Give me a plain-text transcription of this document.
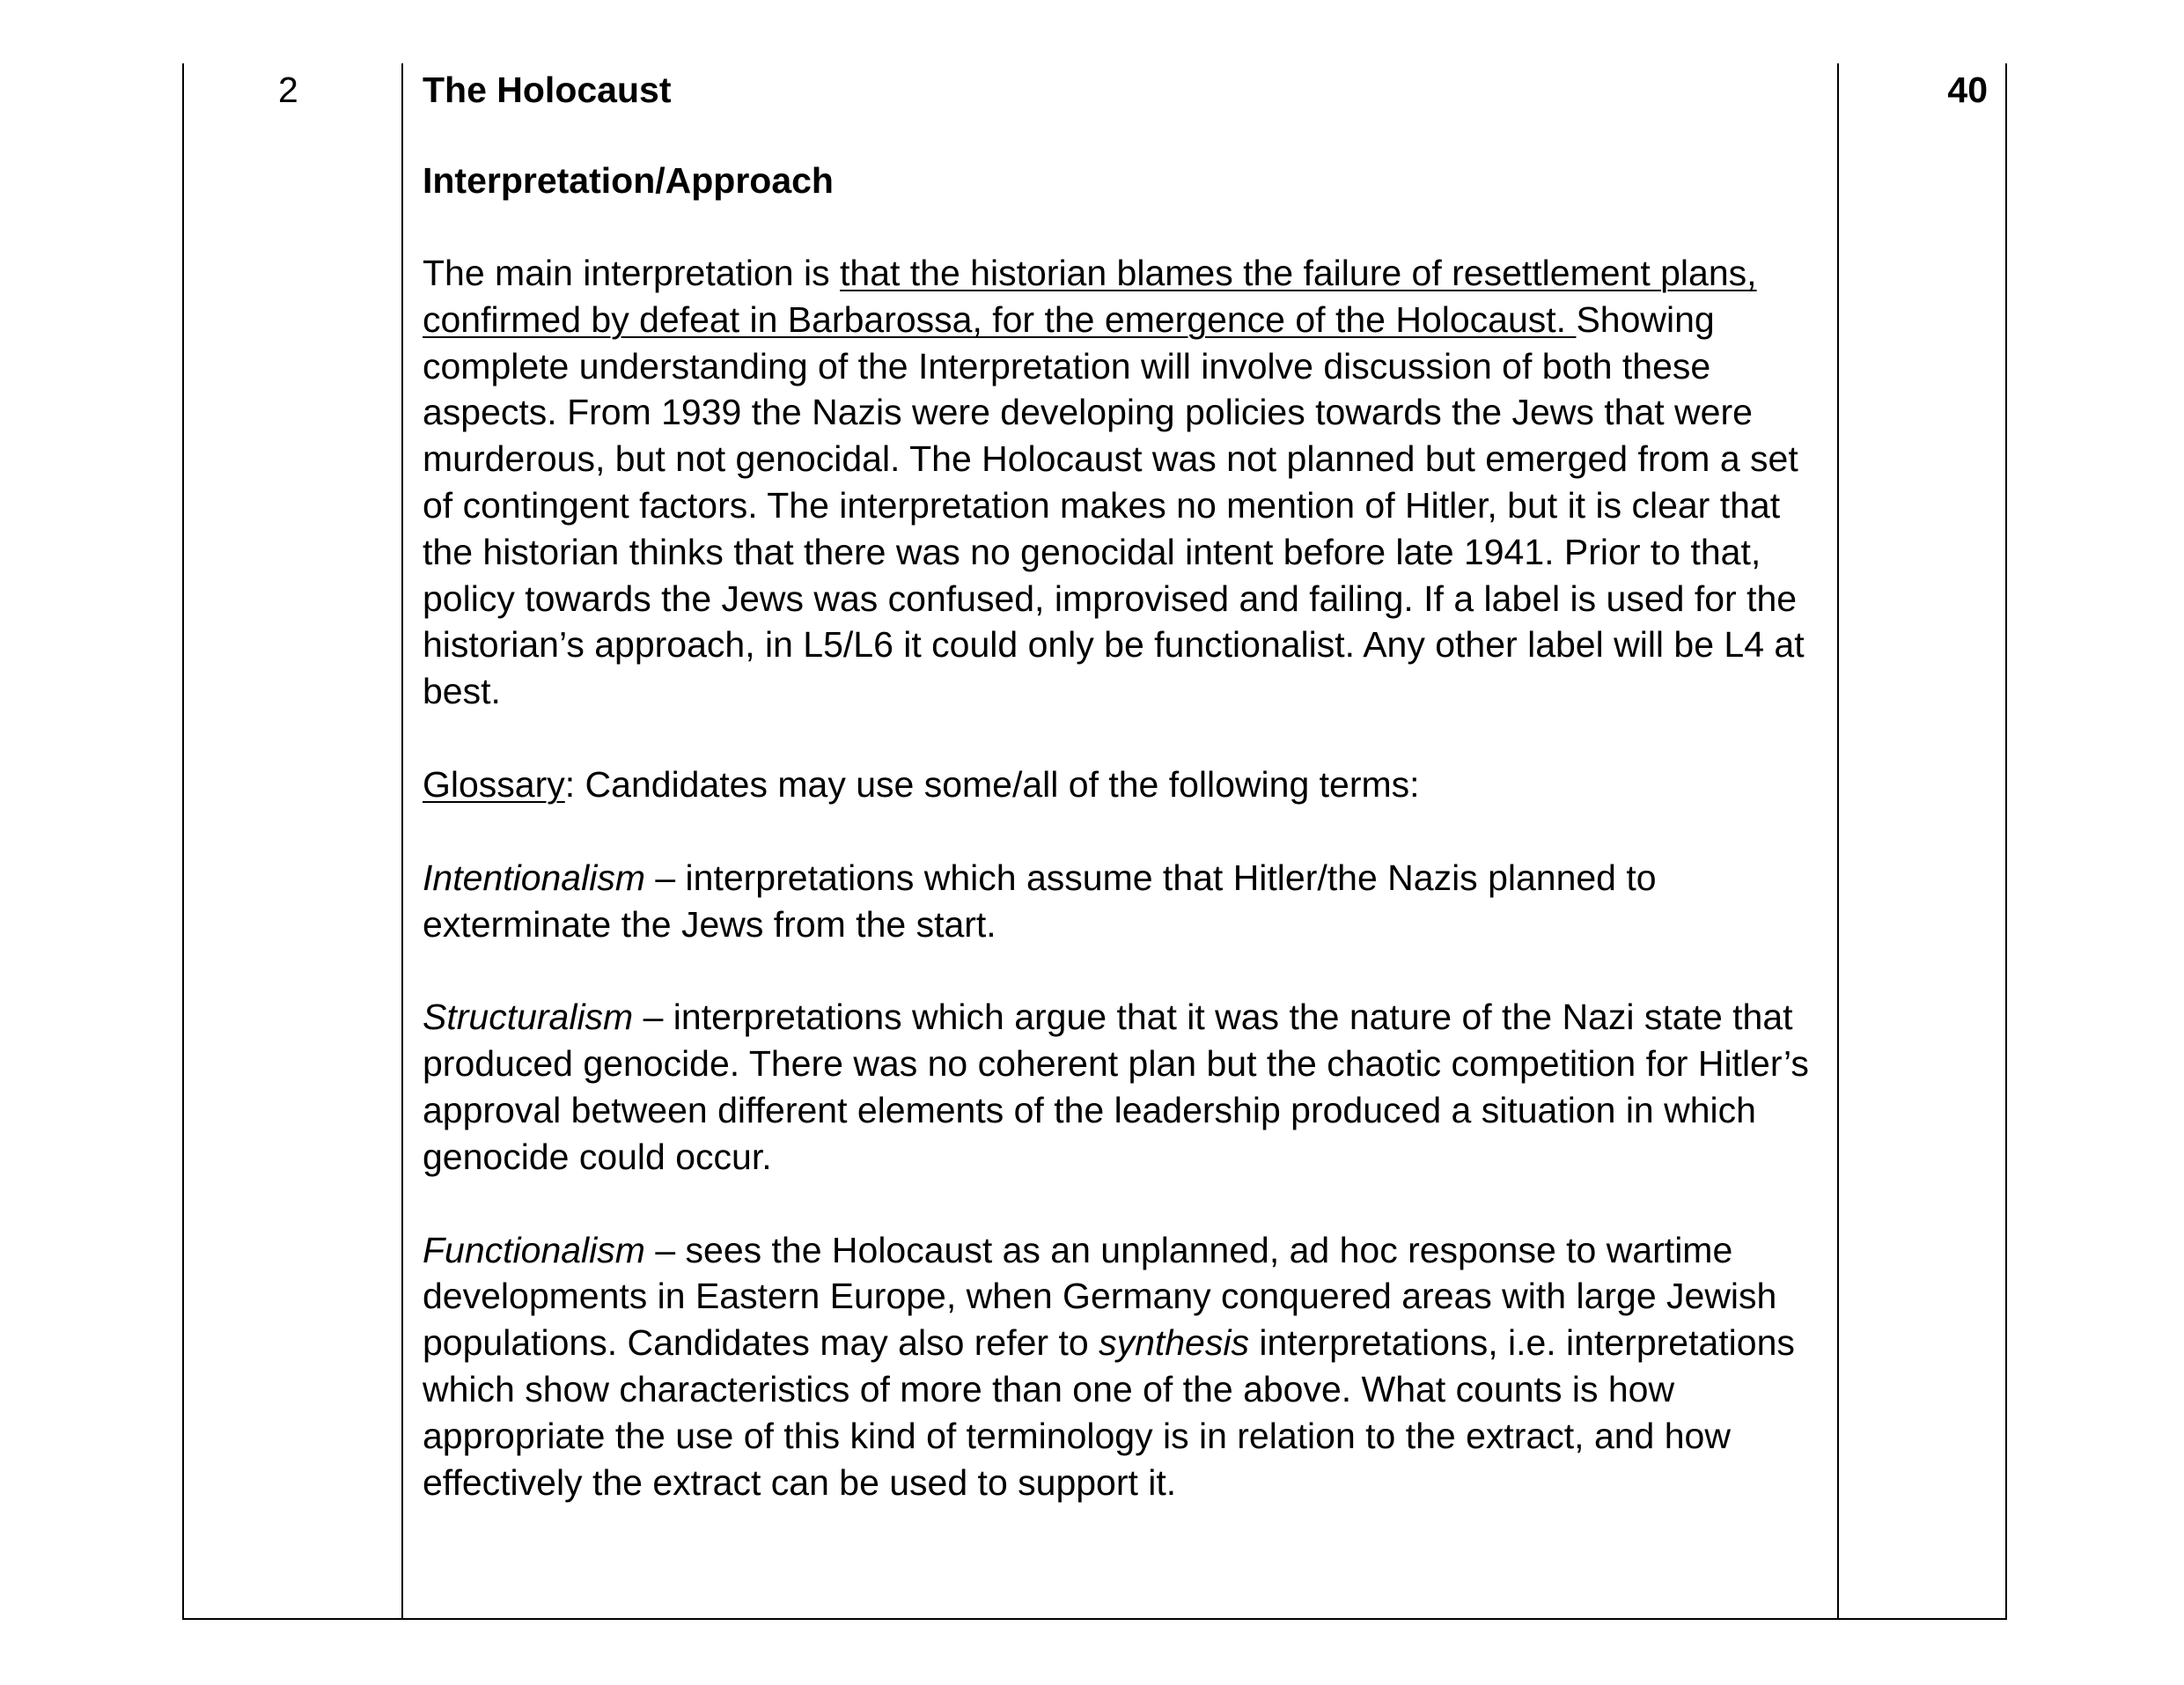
2	40

The Holocaust

Interpretation/Approach

The main interpretation is that the historian blames the failure of resettlement plans, confirmed by defeat in Barbarossa, for the emergence of the Holocaust. Showing complete understanding of the Interpretation will involve discussion of both these aspects. From 1939 the Nazis were developing policies towards the Jews that were murderous, but not genocidal. The Holocaust was not planned but emerged from a set of contingent factors. The interpretation makes no mention of Hitler, but it is clear that the historian thinks that there was no genocidal intent before late 1941. Prior to that, policy towards the Jews was confused, improvised and failing. If a label is used for the historian’s approach, in L5/L6 it could only be functionalist. Any other label will be L4 at best.

Glossary: Candidates may use some/all of the following terms:

Intentionalism – interpretations which assume that Hitler/the Nazis planned to exterminate the Jews from the start.

Structuralism – interpretations which argue that it was the nature of the Nazi state that produced genocide. There was no coherent plan but the chaotic competition for Hitler’s approval between different elements of the leadership produced a situation in which genocide could occur.

Functionalism – sees the Holocaust as an unplanned, ad hoc response to wartime developments in Eastern Europe, when Germany conquered areas with large Jewish populations. Candidates may also refer to synthesis interpretations, i.e. interpretations which show characteristics of more than one of the above. What counts is how appropriate the use of this kind of terminology is in relation to the extract, and how effectively the extract can be used to support it.
